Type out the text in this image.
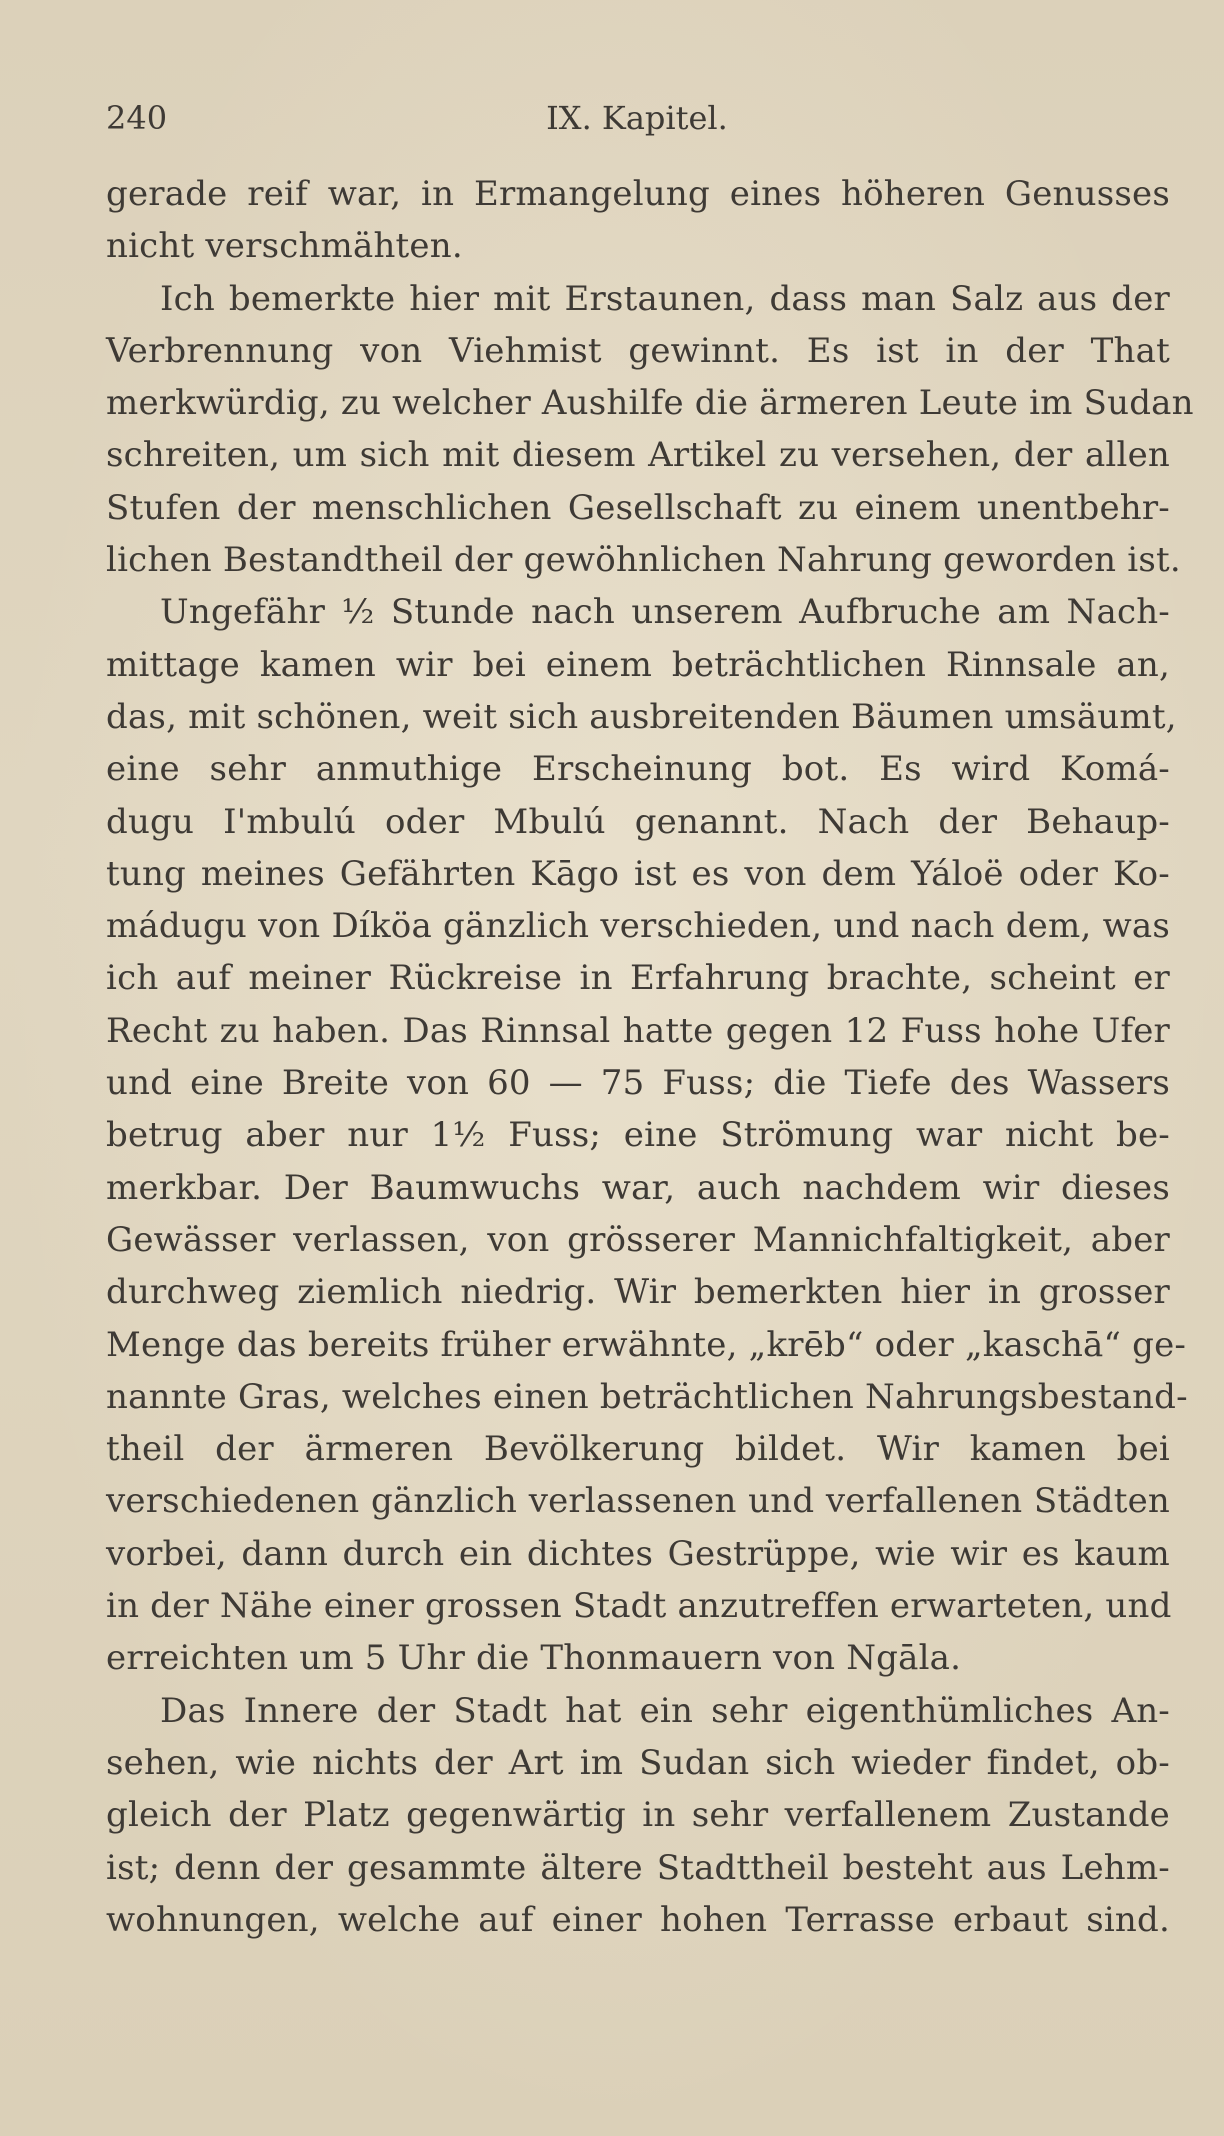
240	IX. Kapitel.
gerade reif war, in Ermangelung eines höheren Genusses
nicht verschmähten.
Ich bemerkte hier mit Erstaunen, dass man Salz aus der
Verbrennung von Viehmist gewinnt. Es ist in der That
merkwürdig, zu welcher Aushilfe die ärmeren Leute im Sudan
schreiten, um sich mit diesem Artikel zu versehen, der allen
Stufen der menschlichen Gesellschaft zu einem unentbehr-
lichen Bestandtheil der gewöhnlichen Nahrung geworden ist.
Ungefähr ½ Stunde nach unserem Aufbruche am Nach-
mittage kamen wir bei einem beträchtlichen Rinnsale an,
das, mit schönen, weit sich ausbreitenden Bäumen umsäumt,
eine sehr anmuthige Erscheinung bot. Es wird Komá-
dugu I'mbulú oder Mbulú genannt. Nach der Behaup-
tung meines Gefährten Kāgo ist es von dem Yáloë oder Ko-
mádugu von Díköa gänzlich verschieden, und nach dem, was
ich auf meiner Rückreise in Erfahrung brachte, scheint er
Recht zu haben. Das Rinnsal hatte gegen 12 Fuss hohe Ufer
und eine Breite von 60 — 75 Fuss; die Tiefe des Wassers
betrug aber nur 1½ Fuss; eine Strömung war nicht be-
merkbar. Der Baumwuchs war, auch nachdem wir dieses
Gewässer verlassen, von grösserer Mannichfaltigkeit, aber
durchweg ziemlich niedrig. Wir bemerkten hier in grosser
Menge das bereits früher erwähnte, „krēb“ oder „kaschā“ ge-
nannte Gras, welches einen beträchtlichen Nahrungsbestand-
theil der ärmeren Bevölkerung bildet. Wir kamen bei
verschiedenen gänzlich verlassenen und verfallenen Städten
vorbei, dann durch ein dichtes Gestrüppe, wie wir es kaum
in der Nähe einer grossen Stadt anzutreffen erwarteten, und
erreichten um 5 Uhr die Thonmauern von Ngāla.
Das Innere der Stadt hat ein sehr eigenthümliches An-
sehen, wie nichts der Art im Sudan sich wieder findet, ob-
gleich der Platz gegenwärtig in sehr verfallenem Zustande
ist; denn der gesammte ältere Stadttheil besteht aus Lehm-
wohnungen, welche auf einer hohen Terrasse erbaut sind.
